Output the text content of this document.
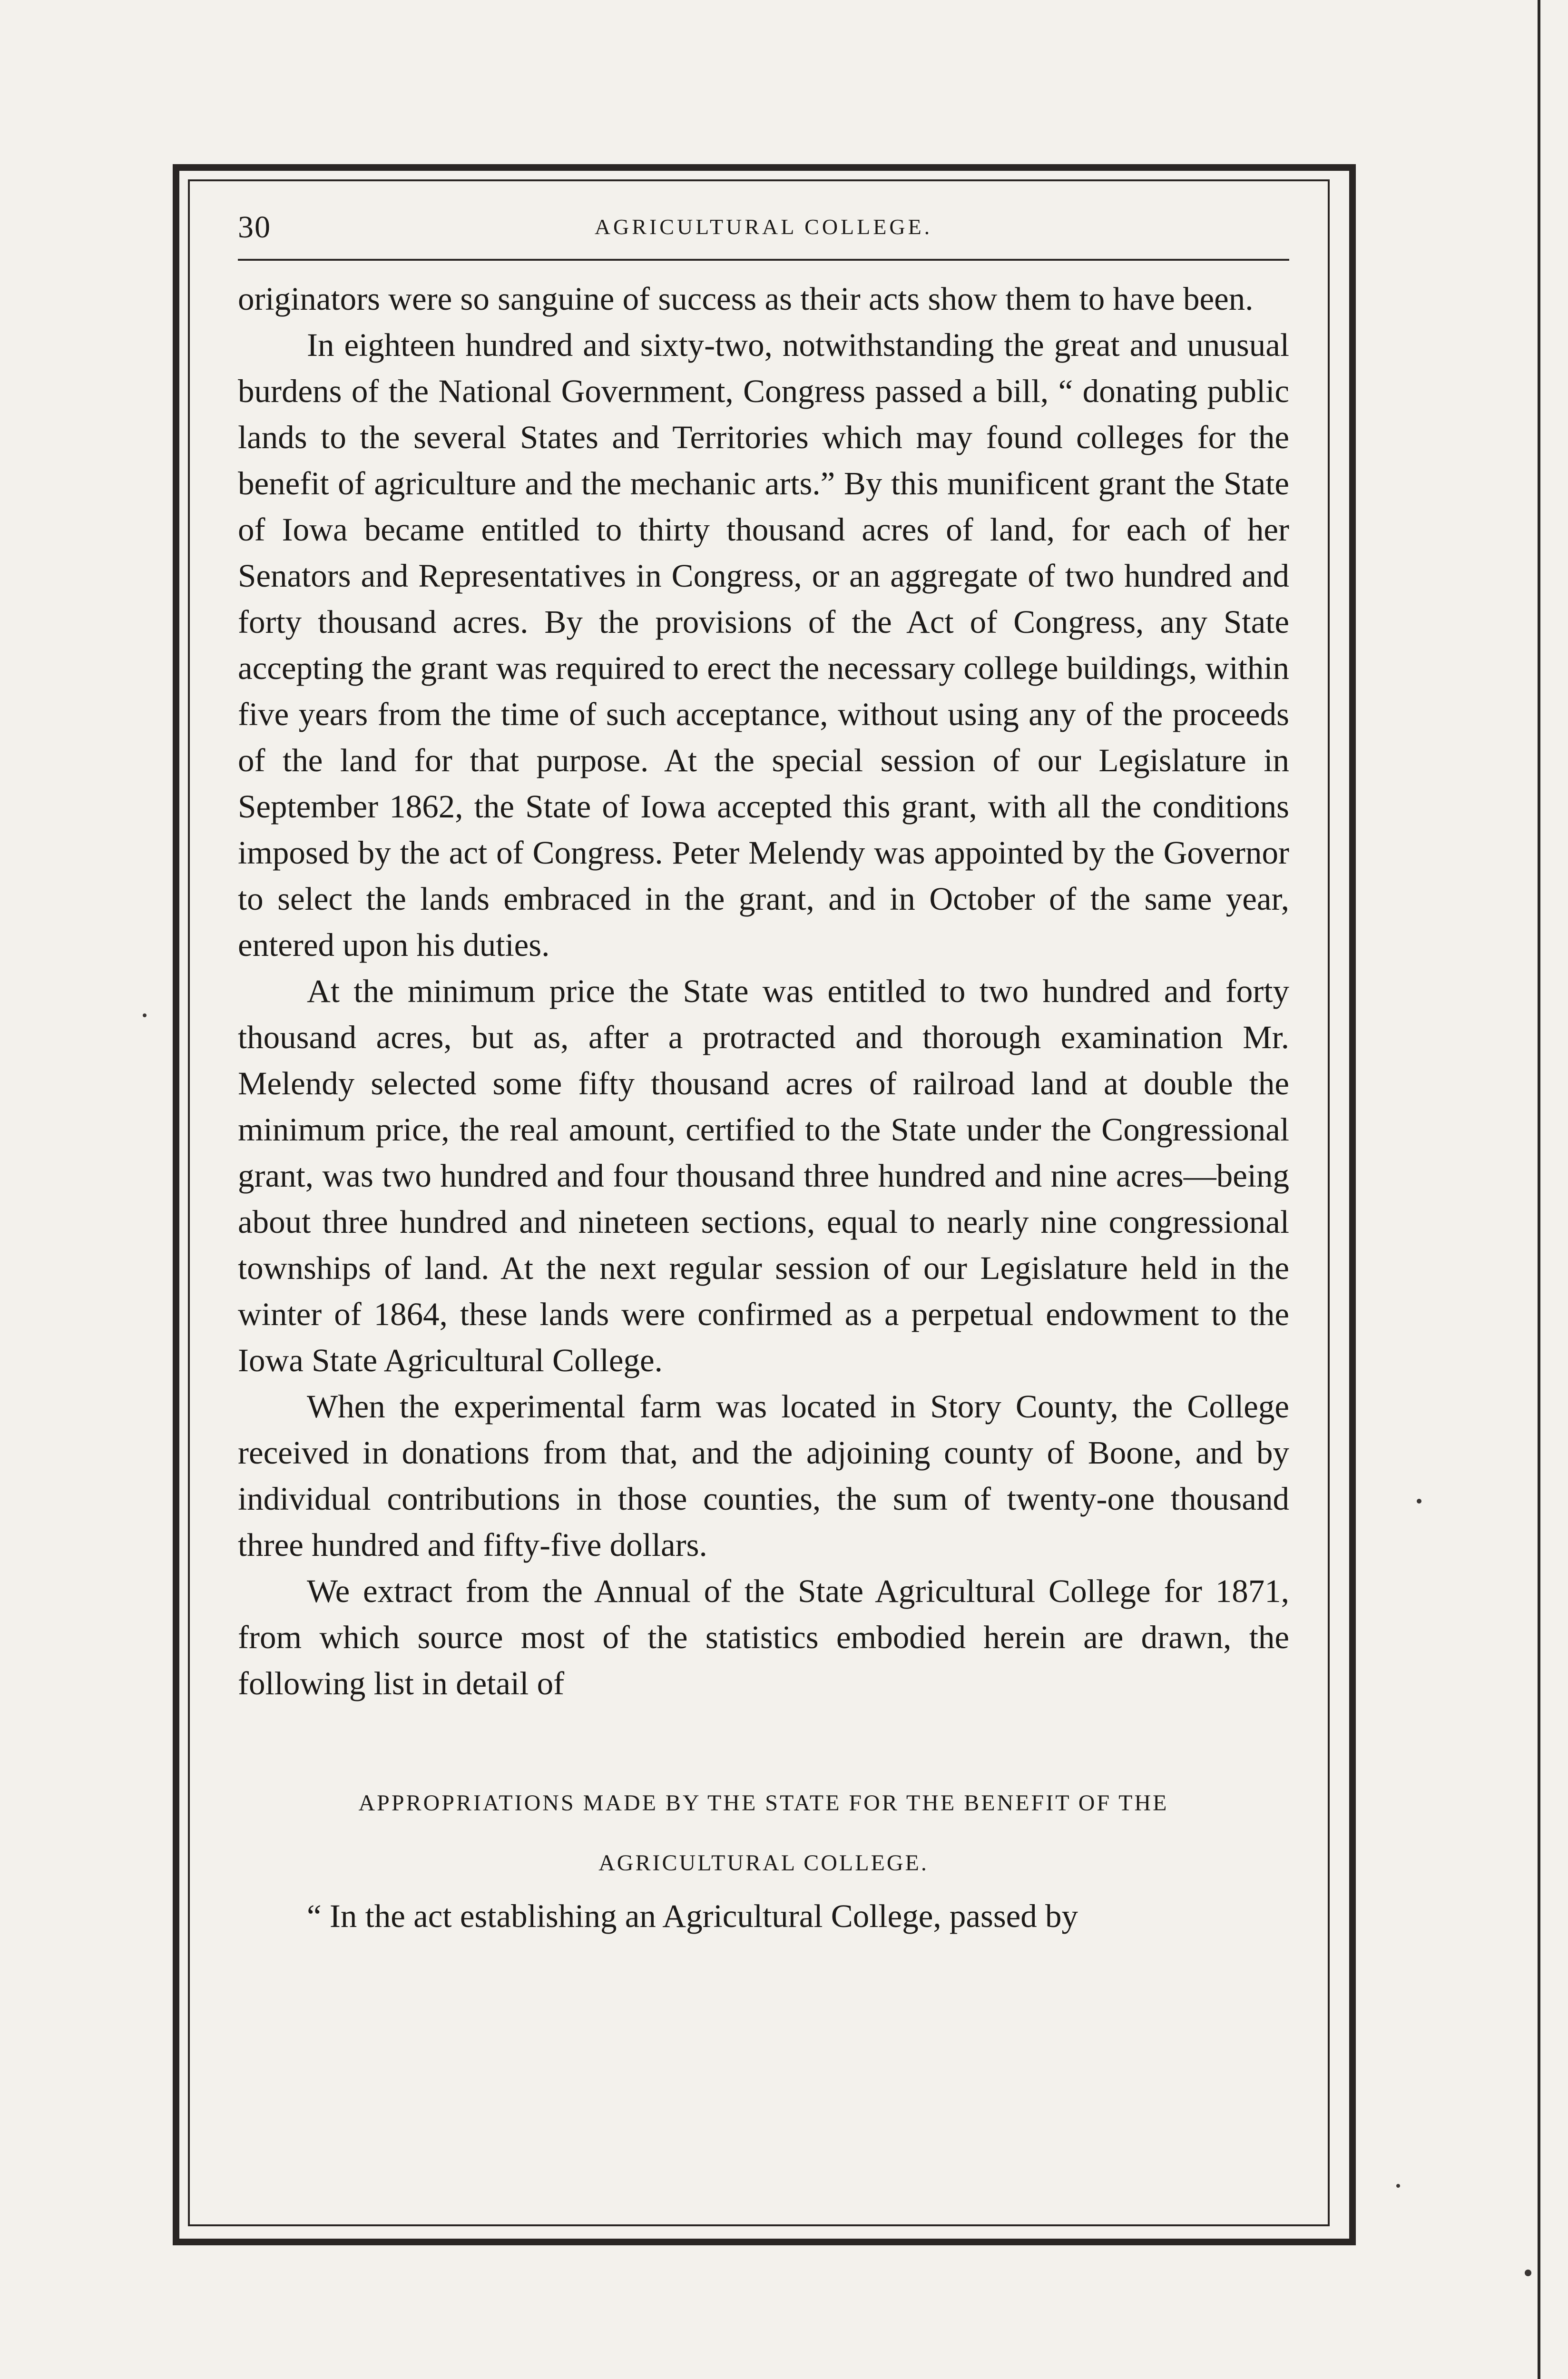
30	AGRICULTURAL COLLEGE.

originators were so sanguine of success as their acts show them to have been.

In eighteen hundred and sixty-two, notwithstanding the great and unusual burdens of the National Government, Congress passed a bill, “ donating public lands to the several States and Territories which may found colleges for the benefit of agriculture and the mechanic arts.” By this munificent grant the State of Iowa became entitled to thirty thousand acres of land, for each of her Senators and Representatives in Congress, or an aggregate of two hundred and forty thousand acres. By the provisions of the Act of Congress, any State accepting the grant was required to erect the necessary college buildings, within five years from the time of such acceptance, without using any of the proceeds of the land for that purpose. At the special session of our Legislature in September 1862, the State of Iowa accepted this grant, with all the conditions imposed by the act of Congress. Peter Melendy was appointed by the Governor to select the lands embraced in the grant, and in October of the same year, entered upon his duties.

At the minimum price the State was entitled to two hundred and forty thousand acres, but as, after a protracted and thorough examination Mr. Melendy selected some fifty thousand acres of railroad land at double the minimum price, the real amount, certified to the State under the Congressional grant, was two hundred and four thousand three hundred and nine acres—being about three hundred and nineteen sections, equal to nearly nine congressional townships of land. At the next regular session of our Legislature held in the winter of 1864, these lands were confirmed as a perpetual endowment to the Iowa State Agricultural College.

When the experimental farm was located in Story County, the College received in donations from that, and the adjoining county of Boone, and by individual contributions in those counties, the sum of twenty-one thousand three hundred and fifty-five dollars.

We extract from the Annual of the State Agricultural College for 1871, from which source most of the statistics embodied herein are drawn, the following list in detail of

APPROPRIATIONS MADE BY THE STATE FOR THE BENEFIT OF THE
AGRICULTURAL COLLEGE.

“ In the act establishing an Agricultural College, passed by
